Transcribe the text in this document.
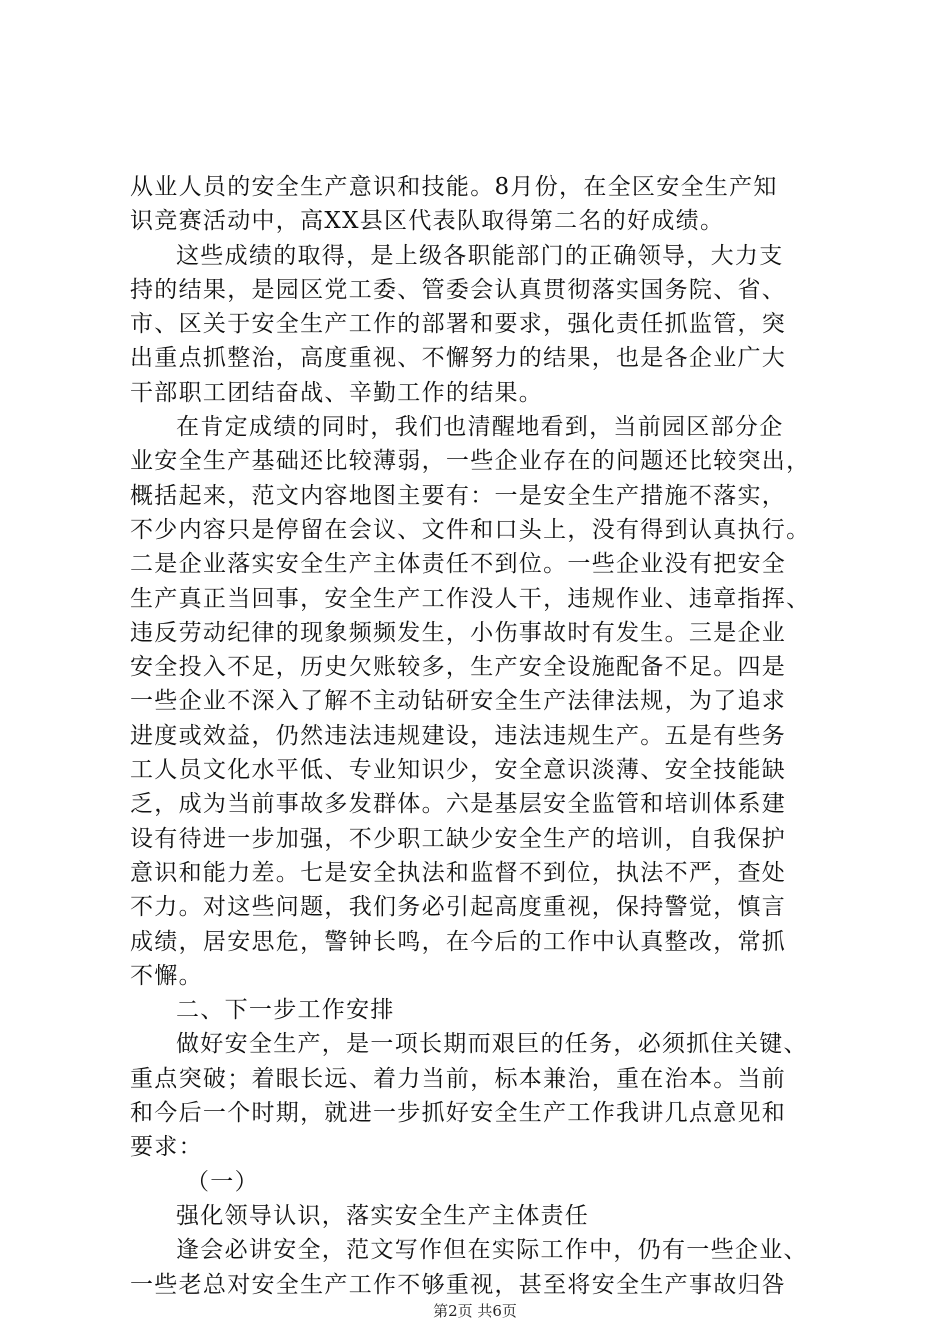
从业人员的安全生产意识和技能。8月份，在全区安全生产知
识竞赛活动中，高XX县区代表队取得第二名的好成绩。
这些成绩的取得，是上级各职能部门的正确领导，大力支
持的结果，是园区党工委、管委会认真贯彻落实国务院、省、
市、区关于安全生产工作的部署和要求，强化责任抓监管，突
出重点抓整治，高度重视、不懈努力的结果，也是各企业广大
干部职工团结奋战、辛勤工作的结果。
在肯定成绩的同时，我们也清醒地看到，当前园区部分企
业安全生产基础还比较薄弱，一些企业存在的问题还比较突出，
概括起来，范文内容地图主要有：一是安全生产措施不落实，
不少内容只是停留在会议、文件和口头上，没有得到认真执行。
二是企业落实安全生产主体责任不到位。一些企业没有把安全
生产真正当回事，安全生产工作没人干，违规作业、违章指挥、
违反劳动纪律的现象频频发生，小伤事故时有发生。三是企业
安全投入不足，历史欠账较多，生产安全设施配备不足。四是
一些企业不深入了解不主动钻研安全生产法律法规，为了追求
进度或效益，仍然违法违规建设，违法违规生产。五是有些务
工人员文化水平低、专业知识少，安全意识淡薄、安全技能缺
乏，成为当前事故多发群体。六是基层安全监管和培训体系建
设有待进一步加强，不少职工缺少安全生产的培训，自我保护
意识和能力差。七是安全执法和监督不到位，执法不严，查处
不力。对这些问题，我们务必引起高度重视，保持警觉，慎言
成绩，居安思危，警钟长鸣，在今后的工作中认真整改，常抓
不懈。
二、下一步工作安排
做好安全生产，是一项长期而艰巨的任务，必须抓住关键、
重点突破；着眼长远、着力当前，标本兼治，重在治本。当前
和今后一个时期，就进一步抓好安全生产工作我讲几点意见和
要求：
（一）
强化领导认识，落实安全生产主体责任
逢会必讲安全，范文写作但在实际工作中，仍有一些企业、
一些老总对安全生产工作不够重视，甚至将安全生产事故归咎
第2页 共6页
